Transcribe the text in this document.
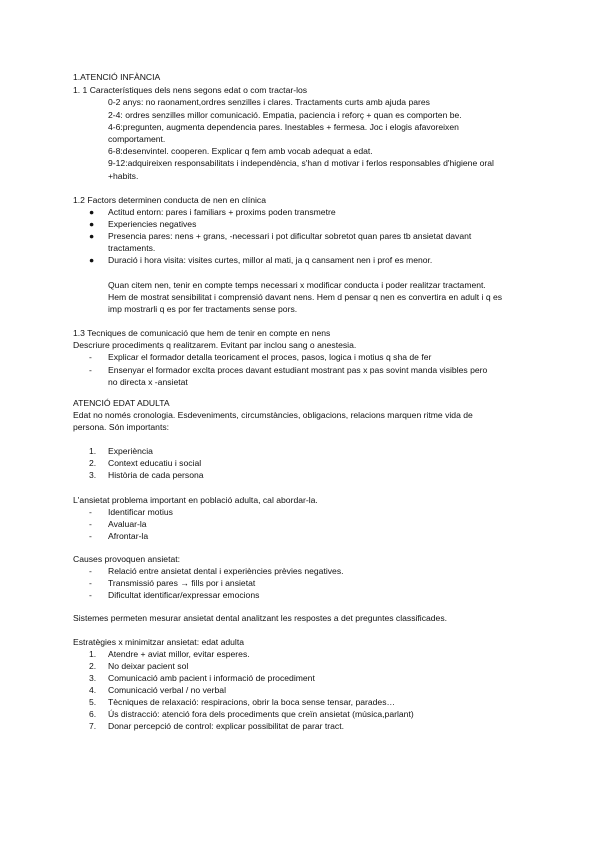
1.ATENCIÓ INFÀNCIA
1. 1 Característiques dels nens segons edat o com tractar-los
0-2 anys: no raonament,ordres senzilles i clares. Tractaments curts amb ajuda pares
2-4: ordres senzilles millor comunicació. Empatia, paciencia i reforç + quan es comporten be.
4-6:pregunten, augmenta dependencia pares. Inestables + fermesa. Joc i elogis afavoreixen
comportament.
6-8:desenvintel. cooperen. Explicar q fem amb vocab adequat a edat.
9-12:adquireixen responsabilitats i independència, s'han d motivar i ferlos responsables d'higiene oral
+habits.
1.2 Factors determinen conducta de nen en clínica
●	Actitud entorn: pares i familiars + proxims poden transmetre
●	Experiencies negatives
●	Presencia pares: nens + grans, -necessari i pot dificultar sobretot quan pares tb ansietat davant
tractaments.
●	Duració i hora visita: visites curtes, millor al mati, ja q cansament nen i prof es menor.
Quan citem nen, tenir en compte temps necessari x modificar conducta i poder realitzar tractament.
Hem de mostrat sensibilitat i comprensió davant nens. Hem d pensar q nen es convertira en adult i q es
imp mostrarli q es por fer tractaments sense pors.
1.3 Tecniques de comunicació que hem de tenir en compte en nens
Descriure procediments q realitzarem. Evitant par inclou sang o anestesia.
-	Explicar el formador detalla teoricament el proces, pasos, logica i motius q sha de fer
-	Ensenyar el formador exclta proces davant estudiant mostrant pas x pas sovint manda visibles pero
no directa x -ansietat
ATENCIÓ EDAT ADULTA
Edat no només cronologia. Esdeveniments, circumstàncies, obligacions, relacions marquen ritme vida de
persona. Són importants:
1.	Experiència
2.	Context educatiu i social
3.	Història de cada persona
L'ansietat problema important en població adulta, cal abordar-la.
-	Identificar motius
-	Avaluar-la
-	Afrontar-la
Causes provoquen ansietat:
-	Relació entre ansietat dental i experiències prèvies negatives.
-	Transmissió pares → fills por i ansietat
-	Dificultat identificar/expressar emocions
Sistemes permeten mesurar ansietat dental analitzant les respostes a det preguntes classificades.
Estratègies x minimitzar ansietat: edat adulta
1.	Atendre + aviat millor, evitar esperes.
2.	No deixar pacient sol
3.	Comunicació amb pacient i informació de procediment
4.	Comunicació verbal / no verbal
5.	Tècniques de relaxació: respiracions, obrir la boca sense tensar, parades…
6.	Ús distracció: atenció fora dels procediments que creïn ansietat (música,parlant)
7.	Donar percepció de control: explicar possibilitat de parar tract.
